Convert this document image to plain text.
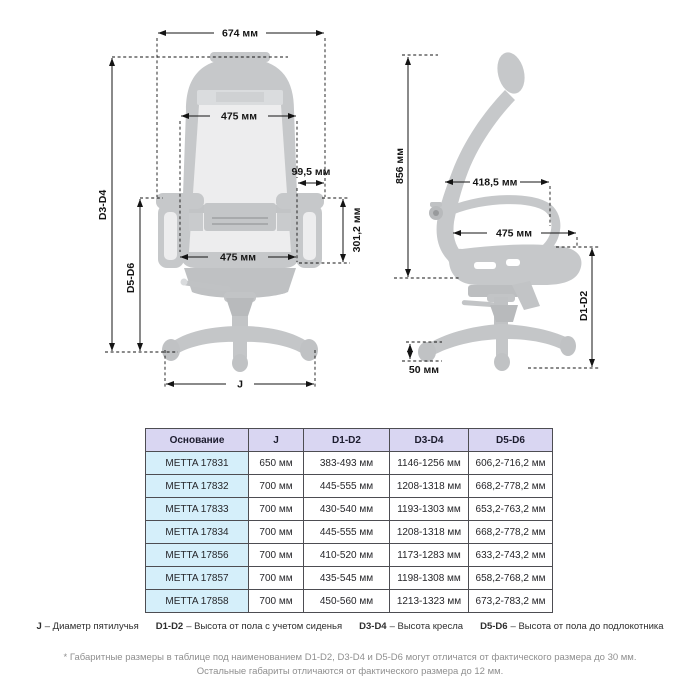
674 мм
475 мм
99,5 мм
301,2 мм
475 мм
D3-D4
D5-D6
J
856 мм	418,5 мм
475 мм
D1-D2
50 мм
Основание	J	D1-D2	D3-D4	D5-D6
METTA 17831	650 мм	383-493 мм	1146-1256 мм	606,2-716,2 мм
METTA 17832	700 мм	445-555 мм	1208-1318 мм	668,2-778,2 мм
METTA 17833	700 мм	430-540 мм	1193-1303 мм	653,2-763,2 мм
METTA 17834	700 мм	445-555 мм	1208-1318 мм	668,2-778,2 мм
METTA 17856	700 мм	410-520 мм	1173-1283 мм	633,2-743,2 мм
METTA 17857	700 мм	435-545 мм	1198-1308 мм	658,2-768,2 мм
METTA 17858	700 мм	450-560 мм	1213-1323 мм	673,2-783,2 мм
J – Диаметр пятилучья D1-D2 – Высота от пола с учетом сиденья D3-D4 – Высота кресла D5-D6 – Высота от пола до подлокотника
* Габаритные размеры в таблице под наименованием D1-D2, D3-D4 и D5-D6 могут отличатся от фактического размера до 30 мм.
Остальные габариты отличаются от фактического размера до 12 мм.
